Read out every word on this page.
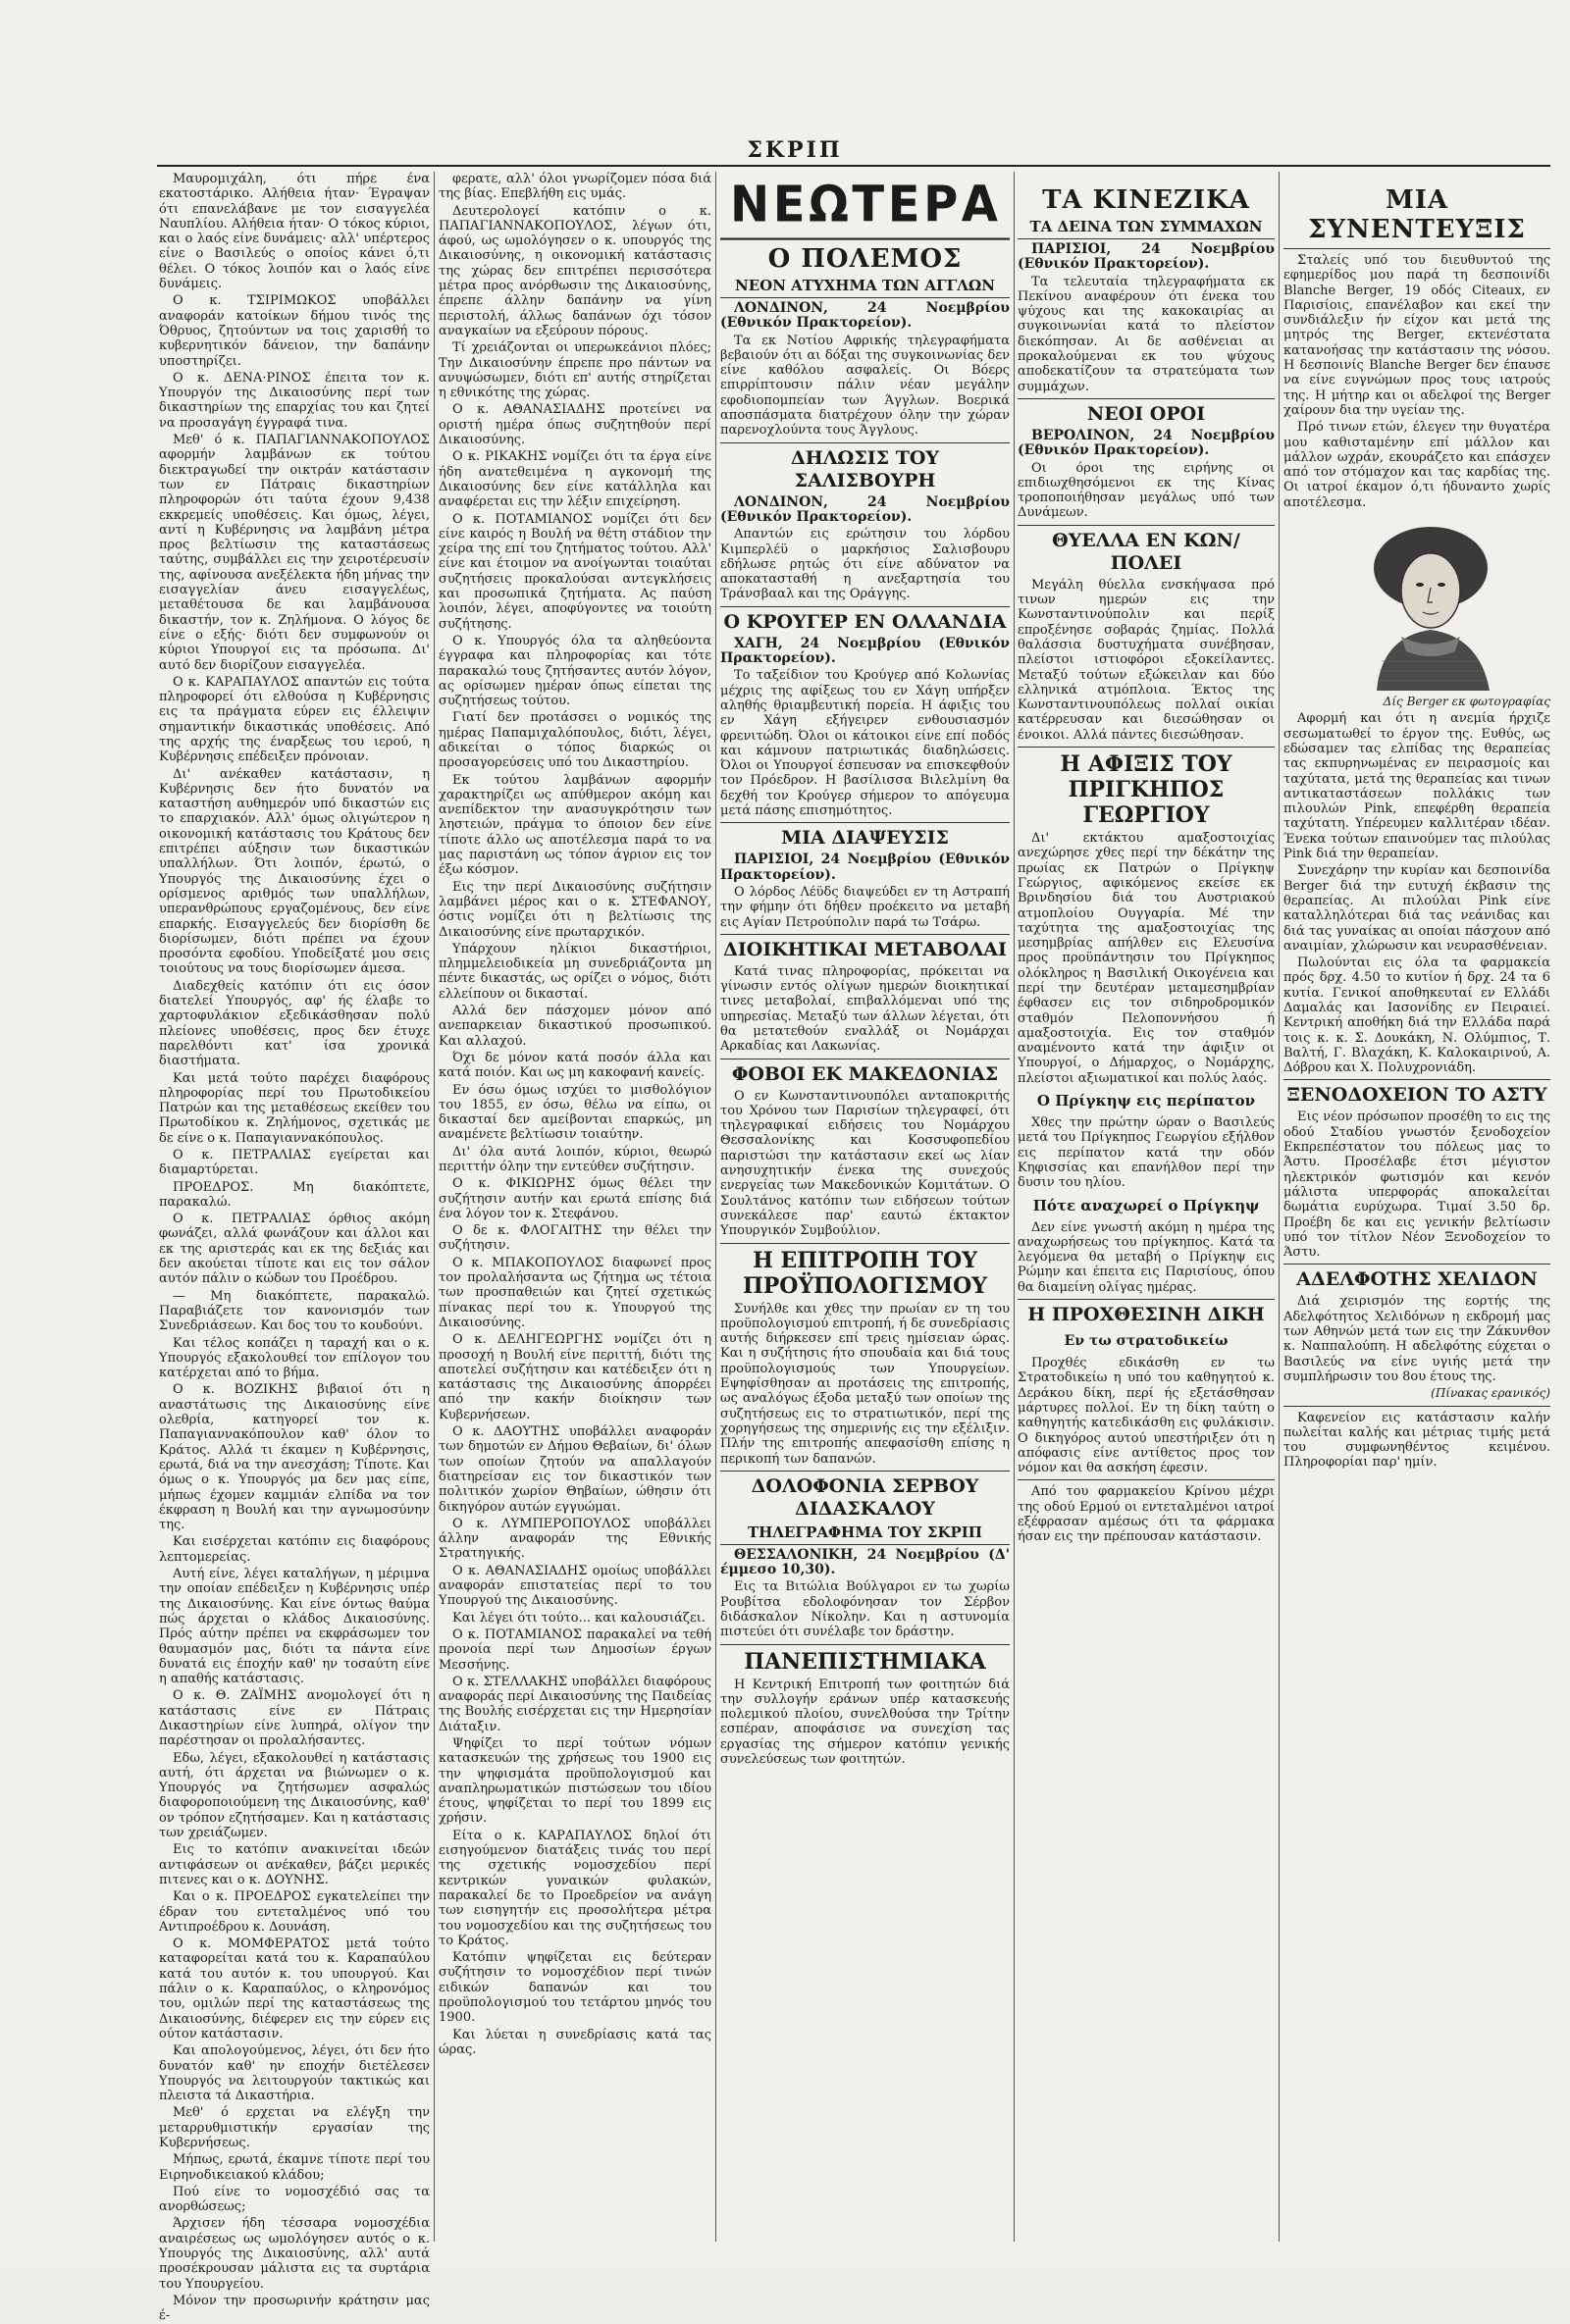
ΣΚΡΙΠ

Μαυρομιχάλη, ότι πήρε ένα εκατοστάρικο. Αλήθεια ήταν· Έγραψαν ότι επανελάβανε με τον εισαγγελέα Ναυπλίου. Αλήθεια ήταν· Ο τόκος κύριοι, και ο λαός είνε δυνάμεις· αλλ' υπέρτερος είνε ο Βασιλεύς ο οποίος κάνει ό,τι θέλει. Ο τόκος λοιπόν και ο λαός είνε δυνάμεις.

Ο κ. ΤΣΙΡΙΜΩΚΟΣ υποβάλλει αναφοράν κατοίκων δήμου τινός της Όθρυος, ζητούντων να τοις χαρισθή το κυβερνητικόν δάνειον, την δαπάνην υποστηρίζει.

Ο κ. ΔΕΝΑ·ΡΙΝΟΣ έπειτα τον κ. Υπουργόν της Δικαιοσύνης περί των δικαστηρίων της επαρχίας του και ζητεί να προσαγάγη έγγραφά τινα.

Μεθ' ό κ. ΠΑΠΑΓΙΑΝΝΑΚΟΠΟΥΛΟΣ αφορμήν λαμβάνων εκ τούτου διεκτραγωδεί την οικτράν κατάστασιν των εν Πάτραις δικαστηρίων πληροφορών ότι ταύτα έχουν 9,438 εκκρεμείς υποθέσεις. Και όμως, λέγει, αντί η Κυβέρνησις να λαμβάνη μέτρα προς βελτίωσιν της καταστάσεως ταύτης, συμβάλλει εις την χειροτέρευσίν της, αφίνουσα ανεξέλεκτα ήδη μήνας την εισαγγελίαν άνευ εισαγγελέως, μεταθέτουσα δε και λαμβάνουσα δικαστήν, τον κ. Ζηλήμονα. Ο λόγος δε είνε ο εξής· διότι δεν συμφωνούν οι κύριοι Υπουργοί εις τα πρόσωπα. Δι' αυτό δεν διορίζουν εισαγγελέα.

Ο κ. ΚΑΡΑΠΑΥΛΟΣ απαντών εις τούτα πληροφορεί ότι ελθούσα η Κυβέρνησις εις τα πράγματα εύρεν εις έλλειψιν σημαντικήν δικαστικάς υποθέσεις. Από της αρχής της έναρξεως του ιερού, η Κυβέρνησις επέδειξεν πρόνοιαν.

Δι' ανέκαθεν κατάστασιν, η Κυβέρνησις δεν ήτο δυνατόν να καταστήση αυθημερόν υπό δικαστών εις το επαρχιακόν. Αλλ' όμως ολιγώτερον η οικονομική κατάστασις του Κράτους δεν επιτρέπει αύξησιν των δικαστικών υπαλλήλων. Ότι λοιπόν, έρωτώ, ο Υπουργός της Δικαιοσύνης έχει ο ορίσμενος αριθμός των υπαλλήλων, υπερανθρώπους εργαζομένους, δεν είνε επαρκής. Εισαγγελεύς δεν διορίσθη δε διορίσωμεν, διότι πρέπει να έχουν προσόντα εφοδίου. Υποδείξατέ μου σεις τοιούτους να τους διορίσωμεν άμεσα.

Διαδεχθείς κατόπιν ότι εις όσον διατελεί Υπουργός, αφ' ής έλαβε το χαρτοφυλάκιον εξεδικάσθησαν πολύ πλείονες υποθέσεις, προς δεν έτυχε παρελθόντι κατ' ίσα χρονικά διαστήματα.

Και μετά τούτο παρέχει διαφόρους πληροφορίας περί του Πρωτοδικείου Πατρών και της μεταθέσεως εκείθεν του Πρωτοδίκου κ. Ζηλήμονος, σχετικάς με δε είνε ο κ. Παπαγιαννακόπουλος.

Ο κ. ΠΕΤΡΑΛΙΑΣ εγείρεται και διαμαρτύρεται.

ΠΡΟΕΔΡΟΣ. Μη διακόπτετε, παρακαλώ.

Ο κ. ΠΕΤΡΑΛΙΑΣ όρθιος ακόμη φωνάζει, αλλά φωνάζουν και άλλοι και εκ της αριστεράς και εκ της δεξιάς και δεν ακούεται τίποτε και εις τον σάλον αυτόν πάλιν ο κώδων του Προέδρου.

— Μη διακόπτετε, παρακαλώ. Παραβιάζετε τον κανονισμόν των Συνεδριάσεων. Και δος του το κουδούνι.

Και τέλος κοπάζει η ταραχή και ο κ. Υπουργός εξακολουθεί τον επίλογον του κατέρχεται από το βήμα.

Ο κ. ΒΟΖΙΚΗΣ βιβαιοί ότι η αναστάτωσις της Δικαιοσύνης είνε ολεθρία, κατηγορεί τον κ. Παπαγιαννακόπουλον καθ' όλον το Κράτος. Αλλά τι έκαμεν η Κυβέρνησις, ερωτά, διά να την ανεσχάση; Τίποτε. Και όμως ο κ. Υπουργός μα δεν μας είπε, μήπως έχομεν καμμιάν ελπίδα να τον έκφραση η Βουλή και την αγνωμοσύνην της.

Και εισέρχεται κατόπιν εις διαφόρους λεπτομερείας.

Αυτή είνε, λέγει καταλήγων, η μέριμνα την οποίαν επέδειξεν η Κυβέρνησις υπέρ της Δικαιοσύνης. Και είνε όντως θαύμα πώς άρχεται ο κλάδος Δικαιοσύνης. Πρός αύτην πρέπει να εκφράσωμεν τον θαυμασμόν μας, διότι τα πάντα είνε δυνατά εις έποχήν καθ' ην τοσαύτη είνε η απαθής κατάστασις.

Ο κ. Θ. ΖΑΪΜΗΣ ανομολογεί ότι η κατάστασις είνε εν Πάτραις Δικαστηρίων είνε λυπηρά, ολίγον την παρέστησαν οι προλαλήσαντες.

Εδω, λέγει, εξακολουθεί η κατάστασις αυτή, ότι άρχεται να βιώνωμεν ο κ. Υπουργός να ζητήσωμεν ασφαλώς διαφοροποιούμενη της Δικαιοσύνης, καθ' ον τρόπον εζητήσαμεν. Και η κατάστασις των χρειάζωμεν.

Εις το κατόπιν ανακινείται ιδεών αντιφάσεων οι ανέκαθεν, βάζει μερικές πιτενες και ο κ. ΔΟΥΝΗΣ.

Και ο κ. ΠΡΟΕΔΡΟΣ εγκατελείπει την έδραν του εντεταλμένος υπό του Αντιπροέδρου κ. Δουνάση.

Ο κ. ΜΟΜΦΕΡΑΤΟΣ μετά τούτο καταφορείται κατά του κ. Καραπαύλου κατά του αυτόν κ. του υπουργού. Και πάλιν ο κ. Καραπαύλος, ο κληρονόμος του, ομιλών περί της καταστάσεως της Δικαιοσύνης, διέφερεν εις την εύρεν εις ούτον κατάστασιν.

Και απολογούμενος, λέγει, ότι δεν ήτο δυνατόν καθ' ην εποχήν διετέλεσεν Υπουργός να λειτουργούν τακτικώς και πλειστα τά Δικαστήρια.

Μεθ' ό ερχεται να ελέγξη την μεταρρυθμιστικήν εργασίαν της Κυβερνήσεως.

Μήπως, ερωτά, έκαμνε τίποτε περί του Ειρηνοδικειακού κλάδου;

Πού είνε το νομοσχέδιό σας τα ανορθώσεως;

Άρχισεν ήδη τέσσαρα νομοσχέδια αναιρέσεως ως ωμολόγησεν αυτός ο κ. Υπουργός της Δικαιοσύνης, αλλ' αυτά προσέκρουσαν μάλιστα εις τα συρτάρια του Υπουργείου.

Μόνον την προσωρινήν κράτησιν μας έ-

φερατε, αλλ' όλοι γνωρίζομεν πόσα διά της βίας. Επεβλήθη εις υμάς.

Δευτερολογεί κατόπιν ο κ. ΠΑΠΑΓΙΑΝΝΑΚΟΠΟΥΛΟΣ, λέγων ότι, άφού, ως ωμολόγησεν ο κ. υπουργός της Δικαιοσύνης, η οικονομική κατάστασις της χώρας δεν επιτρέπει περισσότερα μέτρα προς ανόρθωσιν της Δικαιοσύνης, έπρεπε άλλην δαπάνην να γίνη περιστολή, άλλως δαπάνων όχι τόσον αναγκαίων να εξεύρουν πόρους.

Τί χρειάζονται οι υπερωκεάνιοι πλόες; Την Δικαιοσύνην έπρεπε προ πάντων να ανυψώσωμεν, διότι επ' αυτής στηρίζεται η εθνικότης της χώρας.

Ο κ. ΑΘΑΝΑΣΙΑΔΗΣ προτείνει να οριστή ημέρα όπως συζητηθούν περί Δικαιοσύνης.

Ο κ. ΡΙΚΑΚΗΣ νομίζει ότι τα έργα είνε ήδη ανατεθειμένα η αγκονομή της Δικαιοσύνης δεν είνε κατάλληλα και αναφέρεται εις την λέξιν επιχείρηση.

Ο κ. ΠΟΤΑΜΙΑΝΟΣ νομίζει ότι δεν είνε καιρός η Βουλή να θέτη στάδιον την χείρα της επί του ζητήματος τούτου. Αλλ' είνε και έτοιμον να ανοίγωνται τοιαύται συζητήσεις προκαλούσαι αντεγκλήσεις και προσωπικά ζητήματα. Ας παύση λοιπόν, λέγει, αποφύγοντες να τοιούτη συζήτησης.

Ο κ. Υπουργός όλα τα αληθεύοντα έγγραφα και πληροφορίας και τότε παρακαλώ τους ζητήσαντες αυτόν λόγον, ας ορίσωμεν ημέραν όπως είπεται της συζητήσεως τούτου.

Γιατί δεν προτάσσει ο νομικός της ημέρας Παπαμιχαλόπουλος, διότι, λέγει, αδικείται ο τόπος διαρκώς οι προσαγορεύσεις υπό του Δικαστηρίου.

Εκ τούτου λαμβάνων αφορμήν χαρακτηρίζει ως απύθμερον ακόμη και ανεπίδεκτον την ανασυγκρότησιν των ληστειών, πράγμα το όποιον δεν είνε τίποτε άλλο ως αποτέλεσμα παρά το να μας παριστάνη ως τόπον άγριον εις τον έξω κόσμον.

Εις την περί Δικαιοσύνης συζήτησιν λαμβάνει μέρος και ο κ. ΣΤΕΦΑΝΟΥ, όστις νομίζει ότι η βελτίωσις της Δικαιοσύνης είνε πρωταρχικόν.

Υπάρχουν ηλίκιοι δικαστήριοι, πλημμελειοδικεία μη συνεδριάζοντα μη πέντε δικαστάς, ως ορίζει ο νόμος, διότι ελλείπουν οι δικασταί.

Αλλά δεν πάσχομεν μόνον από ανεπαρκειαν δικαστικού προσωπικού. Και αλλαχού.

Όχι δε μόνον κατά ποσόν άλλα και κατά ποιόν. Και ως μη κακοφανή κανείς.

Εν όσω όμως ισχύει το μισθολόγιον του 1855, εν όσω, θέλω να είπω, οι δικασταί δεν αμείβονται επαρκώς, μη αναμένετε βελτίωσιν τοιαύτην.

Δι' όλα αυτά λοιπόν, κύριοι, θεωρώ περιττήν όλην την εντεύθεν συζήτησιν.

Ο κ. ΦΙΚΙΩΡΗΣ όμως θέλει την συζήτησιν αυτήν και ερωτά επίσης διά ένα λόγον τον κ. Στεφάνου.

Ο δε κ. ΦΛΟΓΑΙΤΗΣ την θέλει την συζήτησιν.

Ο κ. ΜΠΑΚΟΠΟΥΛΟΣ διαφωνεί προς τον προλαλήσαντα ως ζήτημα ως τέτοια των προσπαθειών και ζητεί σχετικώς πίνακας περί του κ. Υπουργού της Δικαιοσύνης.

Ο κ. ΔΕΛΗΓΕΩΡΓΗΣ νομίζει ότι η προσοχή η Βουλή είνε περιττή, διότι της αποτελεί συζήτησιν και κατέδειξεν ότι η κατάστασις της Δικαιοσύνης άπορρέει από την κακήν διοίκησιν των Κυβερνήσεων.

Ο κ. ΔΑΟΥΤΗΣ υποβάλλει αναφοράν των δημοτών εν Δήμου Θεβαίων, δι' όλων των οποίων ζητούν να απαλλαγούν διατηρείσαν εις τον δικαστικόν των πολιτικόν χωρίον Θηβαίων, ώθησιν ότι δικηγόρον αυτών εγγυώμαι.

Ο κ. ΛΥΜΠΕΡΟΠΟΥΛΟΣ υποβάλλει άλλην αναφοράν της Εθνικής Στρατηγικής.

Ο κ. ΑΘΑΝΑΣΙΑΔΗΣ ομοίως υποβάλλει αναφοράν επιστατείας περί το του Υπουργού της Δικαιοσύνης.

Και λέγει ότι τούτο... και καλουσιάζει.

Ο κ. ΠΟΤΑΜΙΑΝΟΣ παρακαλεί να τεθή προνοία περί των Δημοσίων έργων Μεσσήνης.

Ο κ. ΣΤΕΛΛΑΚΗΣ υποβάλλει διαφόρους αναφοράς περί Δικαιοσύνης της Παιδείας της Βουλής εισέρχεται εις την Ημερησίαν Διάταξιν.

Ψηφίζει το περί τούτων νόμων κατασκευών της χρήσεως του 1900 εις την ψηφισμάτα προϋπολογισμού και αναπληρωματικών πιστώσεων του ιδίου έτους, ψηφίζεται το περί του 1899 εις χρήσιν.

Είτα ο κ. ΚΑΡΑΠΑΥΛΟΣ δηλοί ότι εισηγούμενον διατάξεις τινάς του περί της σχετικής νομοσχεδίου περί κεντρικών γυναικών φυλακών, παρακαλεί δε το Προεδρείον να ανάγη των εισηγητήν εις προσολήτερα μέτρα του νομοσχεδίου και της συζητήσεως του το Κράτος.

Κατόπιν ψηφίζεται εις δεύτεραν συζήτησιν το νομοσχέδιον περί τινών ειδικών δαπανών και του προϋπολογισμού του τετάρτου μηνός του 1900.

Και λύεται η συνεδρίασις κατά τας ώρας.

Ν Ε Ω Τ Ε Ρ Α
Ο ΠΟΛΕΜΟΣ
ΝΕΟΝ ΑΤΥΧΗΜΑ ΤΩΝ ΑΓΓΛΩΝ

ΛΟΝΔΙΝΟΝ, 24 Νοεμβρίου (Εθνικόν Πρακτορείον).

Τα εκ Νοτίου Αφρικής τηλεγραφήματα βεβαιούν ότι αι δόξαι της συγκοινωνίας δεν είνε καθόλου ασφαλείς. Οι Βόερς επιρρίπτουσιν πάλιν νέαν μεγάλην εφοδιοπομπείαν των Άγγλων. Βοερικά αποσπάσματα διατρέχουν όλην την χώραν παρενοχλούντα τους Άγγλους.

ΔΗΛΩΣΙΣ ΤΟΥ ΣΑΛΙΣΒΟΥΡΗ

ΛΟΝΔΙΝΟΝ, 24 Νοεμβρίου (Εθνικόν Πρακτορείον).

Απαντών εις ερώτησιν του λόρδου Κιμπερλέϋ ο μαρκήσιος Σαλισβουρυ εδήλωσε ρητώς ότι είνε αδύνατον να αποκατασταθή η ανεξαρτησία του Τράνσβααλ και της Οράγγης.

Ο ΚΡΟΥΓΕΡ ΕΝ ΟΛΛΑΝΔΙΑ

ΧΑΓΗ, 24 Νοεμβρίου (Εθνικόν Πρακτορείον).

Το ταξείδιον του Κρούγερ από Κολωνίας μέχρις της αφίξεως του εν Χάγη υπήρξεν αληθής θριαμβευτική πορεία. Η άφιξις του εν Χάγη εξήγειρεν ενθουσιασμόν φρενιτώδη. Όλοι οι κάτοικοι είνε επί ποδός και κάμνουν πατριωτικάς διαδηλώσεις. Όλοι οι Υπουργοί έσπευσαν να επισκεφθούν τον Πρόεδρον. Η βασίλισσα Βιλελμίνη θα δεχθή τον Κρούγερ σήμερον το απόγευμα μετά πάσης επισημότητος.

ΜΙΑ ΔΙΑΨΕΥΣΙΣ

ΠΑΡΙΣΙΟΙ, 24 Νοεμβρίου (Εθνικόν Πρακτορείον).

Ο λόρδος Λέϋδς διαψεύδει εν τη Αστραπή την φήμην ότι δήθεν προέκειτο να μεταβή εις Αγίαν Πετρούπολιν παρά τω Τσάρω.

ΔΙΟΙΚΗΤΙΚΑΙ ΜΕΤΑΒΟΛΑΙ

Κατά τινας πληροφορίας, πρόκειται να γίνωσιν εντός ολίγων ημερών διοικητικαί τινες μεταβολαί, επιβαλλόμεναι υπό της υπηρεσίας. Μεταξύ των άλλων λέγεται, ότι θα μετατεθούν εναλλάξ οι Νομάρχαι Αρκαδίας και Λακωνίας.

ΦΟΒΟΙ ΕΚ ΜΑΚΕΔΟΝΙΑΣ

Ο εν Κωνσταντινουπόλει ανταποκριτής του Χρόνου των Παρισίων τηλεγραφεί, ότι τηλεγραφικαί ειδήσεις του Νομάρχου Θεσσαλονίκης και Κοσσυφοπεδίου παριστώσι την κατάστασιν εκεί ως λίαν ανησυχητικήν ένεκα της συνεχούς ενεργείας των Μακεδονικών Κομιτάτων. Ο Σουλτάνος κατόπιν των ειδήσεων τούτων συνεκάλεσε παρ' εαυτώ έκτακτον Υπουργικόν Συμβούλιον.

Η ΕΠΙΤΡΟΠΗ ΤΟΥ ΠΡΟΫΠΟΛΟΓΙΣΜΟΥ

Συνήλθε και χθες την πρωίαν εν τη του προϋπολογισμού επιτροπή, ή δε συνεδρίασις αυτής διήρκεσεν επί τρεις ημίσειαν ώρας. Και η συζήτησις ήτο σπουδαία και διά τους προϋπολογισμούς των Υπουργείων. Εψηφίσθησαν αι προτάσεις της επιτροπής, ως αναλόγως έξοδα μεταξύ των οποίων της συζητήσεως εις το στρατιωτικόν, περί της χορηγήσεως της σημερινής εις την εξέλιξιν. Πλήν της επιτροπής απεφασίσθη επίσης η περικοπή των δαπανών.

ΔΟΛΟΦΟΝΙΑ ΣΕΡΒΟΥ ΔΙΔΑΣΚΑΛΟΥ
ΤΗΛΕΓΡΑΦΗΜΑ ΤΟΥ ΣΚΡΙΠ

ΘΕΣΣΑΛΟΝΙΚΗ, 24 Νοεμβρίου (Δ' έμμεσο 10,30).

Εις τα Βιτώλια Βούλγαροι εν τω χωρίω Ρουβίτσα εδολοφόνησαν τον Σέρβον διδάσκαλον Νίκολην. Και η αστυνομία πιστεύει ότι συνέλαβε τον δράστην.

ΠΑΝΕΠΙΣΤΗΜΙΑΚΑ

Η Κεντρική Επιτροπή των φοιτητών διά την συλλογήν εράνων υπέρ κατασκευής πολεμικού πλοίου, συνελθούσα την Τρίτην εσπέραν, αποφάσισε να συνεχίση τας εργασίας της σήμερον κατόπιν γενικής συνελεύσεως των φοιτητών.

ΤΑ ΚΙΝΕΖΙΚΑ
ΤΑ ΔΕΙΝΑ ΤΩΝ ΣΥΜΜΑΧΩΝ

ΠΑΡΙΣΙΟΙ, 24 Νοεμβρίου (Εθνικόν Πρακτορείον).

Τα τελευταία τηλεγραφήματα εκ Πεκίνου αναφέρουν ότι ένεκα του ψύχους και της κακοκαιρίας αι συγκοινωνίαι κατά το πλείστον διεκόπησαν. Αι δε ασθένειαι αι προκαλούμεναι εκ του ψύχους αποδεκατίζουν τα στρατεύματα των συμμάχων.

ΝΕΟΙ ΟΡΟΙ

ΒΕΡΟΛΙΝΟΝ, 24 Νοεμβρίου (Εθνικόν Πρακτορείον).

Οι όροι της ειρήνης οι επιδιωχθησόμενοι εκ της Κίνας τροποποιήθησαν μεγάλως υπό των Δυνάμεων.

ΘΥΕΛΛΑ ΕΝ ΚΩΝ/ΠΟΛΕΙ

Μεγάλη θύελλα ενσκήψασα πρό τινων ημερών εις την Κωνσταντινούπολιν και περίξ επροξένησε σοβαράς ζημίας. Πολλά θαλάσσια δυστυχήματα συνέβησαν, πλείστοι ιστιοφόροι εξοκείλαντες. Μεταξύ τούτων εξώκειλαν και δύο ελληνικά ατμόπλοια. Έκτος της Κωνσταντινουπόλεως πολλαί οικίαι κατέρρευσαν και διεσώθησαν οι ένοικοι. Αλλά πάντες διεσώθησαν.

Η ΑΦΙΞΙΣ ΤΟΥ ΠΡΙΓΚΗΠΟΣ ΓΕΩΡΓΙΟΥ

Δι' εκτάκτου αμαξοστοιχίας ανεχώρησε χθες περί την δέκάτην της πρωίας εκ Πατρών ο Πρίγκηψ Γεώργιος, αφικόμενος εκείσε εκ Βρινδησίου διά του Αυστριακού ατμοπλοίου Ουγγαρία. Μέ την ταχύτητα της αμαξοστοιχίας της μεσημβρίας απήλθεν εις Ελευσίνα προς προϋπάντησιν του Πρίγκηπος ολόκληρος η Βασιλική Οικογένεια και περί την δευτέραν μεταμεσημβρίαν έφθασεν εις τον σιδηροδρομικόν σταθμόν Πελοποννήσου ή αμαξοστοιχία. Εις τον σταθμόν αναμένοντο κατά την άφιξιν οι Υπουργοί, ο Δήμαρχος, ο Νομάρχης, πλείστοι αξιωματικοί και πολύς λαός.

Ο Πρίγκηψ εις περίπατον

Χθες την πρώτην ώραν ο Βασιλεύς μετά του Πρίγκηπος Γεωργίου εξήλθον εις περίπατον κατά την οδόν Κηφισσίας και επανήλθον περί την δυσιν του ηλίου.

Πότε αναχωρεί ο Πρίγκηψ

Δεν είνε γνωστή ακόμη η ημέρα της αναχωρήσεως του πρίγκηπος. Κατά τα λεγόμενα θα μεταβή ο Πρίγκηψ εις Ρώμην και έπειτα εις Παρισίους, όπου θα διαμείνη ολίγας ημέρας.

Η ΠΡΟΧΘΕΣΙΝΗ ΔΙΚΗ
Εν τω στρατοδικείω

Προχθές εδικάσθη εν τω Στρατοδικείω η υπό του καθηγητού κ. Δεράκου δίκη, περί ής εξετάσθησαν μάρτυρες πολλοί. Εν τη δίκη ταύτη ο καθηγητής κατεδικάσθη εις φυλάκισιν. Ο δικηγόρος αυτού υπεστήριξεν ότι η απόφασις είνε αντίθετος προς τον νόμον και θα ασκήση έφεσιν.

Από του φαρμακείου Κρίνου μέχρι της οδού Ερμού οι εντεταλμένοι ιατροί εξέφρασαν αμέσως ότι τα φάρμακα ήσαν εις την πρέπουσαν κατάστασιν.

ΜΙΑ ΣΥΝΕΝΤΕΥΞΙΣ

Σταλείς υπό του διευθυντού της εφημερίδος μου παρά τη δεσποινίδι Blanche Berger, 19 οδός Citeaux, εν Παρισίοις, επανέλαβον και εκεί την συνδιάλεξιν ήν είχον και μετά της μητρός της Berger, εκτενέστατα κατανοήσας την κατάστασιν της νόσου. Η δεσποινίς Blanche Berger δεν έπαυσε να είνε ευγνώμων προς τους ιατρούς της. Η μήτηρ και οι αδελφοί της Berger χαίρουν δια την υγείαν της.

Πρό τινων ετών, έλεγεν την θυγατέρα μου καθισταμένην επί μάλλον και μάλλον ωχράν, εκουράζετο και επάσχεν από τον στόμαχον και τας καρδίας της. Οι ιατροί έκαμον ό,τι ήδυναντο χωρίς αποτέλεσμα.

Δίς Berger εκ φωτογραφίας

Αφορμή και ότι η ανεμία ήρχιζε σεσωματωθεί το έργον της. Ευθύς, ως εδώσαμεν τας ελπίδας της θεραπείας τας εκπυρηνωμένας εν πειρασμοίς και ταχύτατα, μετά της θεραπείας και τινων αντικαταστάσεων πολλάκις των πιλουλών Pink, επεφέρθη θεραπεία ταχύτατη. Υπέρευμεν καλλιτέραν ιδέαν. Ένεκα τούτων επαινούμεν τας πιλούλας Pink διά την θεραπείαν.

Συνεχάρην την κυρίαν και δεσποινίδα Berger διά την ευτυχή έκβασιν της θεραπείας. Αι πιλούλαι Pink είνε καταλληλότεραι διά τας νεάνιδας και διά τας γυναίκας αι οποίαι πάσχουν από αναιμίαν, χλώρωσιν και νευρασθένειαν.

Πωλούνται εις όλα τα φαρμακεία πρός δρχ. 4.50 το κυτίον ή δρχ. 24 τα 6 κυτία. Γενικοί αποθηκευταί εν Ελλάδι Δαμαλάς και Ιασονίδης εν Πειραιεί. Κεντρική αποθήκη διά την Ελλάδα παρά τοις κ. κ. Σ. Δουκάκη, Ν. Ολύμπιος, Τ. Βαλτή, Γ. Βλαχάκη, Κ. Καλοκαιρινού, Α. Δόβρου και Χ. Πολυχρονιάδη.

ΞΕΝΟΔΟΧΕΙΟΝ ΤΟ ΑΣΤΥ

Εις νέον πρόσωπον προσέθη το εις της οδού Σταδίου γνωστόν ξενοδοχείον Εκπρεπέστατον του πόλεως μας το Άστυ. Προσέλαβε έτσι μέγιστον ηλεκτρικόν φωτισμόν και κενόν μάλιστα υπερφοράς αποκαλείται δωμάτια ευρύχωρα. Τιμαί 3.50 δρ. Προέβη δε και εις γενικήν βελτίωσιν υπό τον τίτλον Νέον Ξενοδοχείον το Άστυ.

ΑΔΕΛΦΟΤΗΣ ΧΕΛΙΔΟΝ

Διά χειρισμόν της εορτής της Αδελφότητος Χελιδόνων η εκδρομή μας των Αθηνών μετά των εις την Ζάκυνθον κ. Ναππαλούπη. Η αδελφότης εύχεται ο Βασιλεύς να είνε υγιής μετά την συμπλήρωσιν του 8ου έτους της.

(Πίνακας ερανικός)

Καφενείον εις κατάστασιν καλήν πωλείται καλής και μέτριας τιμής μετά του συμφωνηθέντος κειμένου. Πληροφορίαι παρ' ημίν.
